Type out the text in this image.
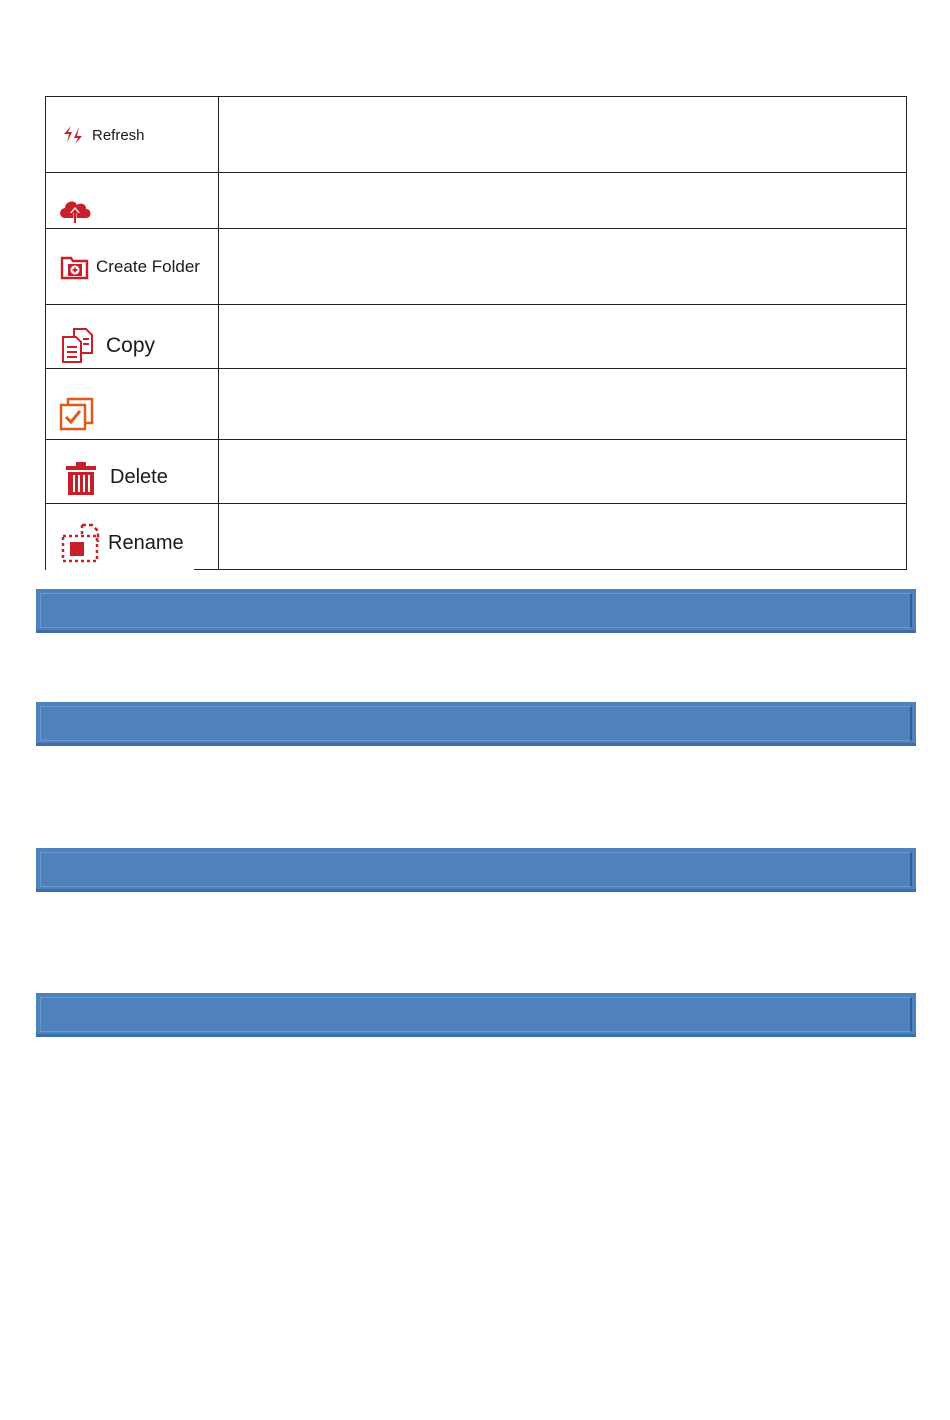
Refresh
Create Folder
Copy
Delete
Rename
